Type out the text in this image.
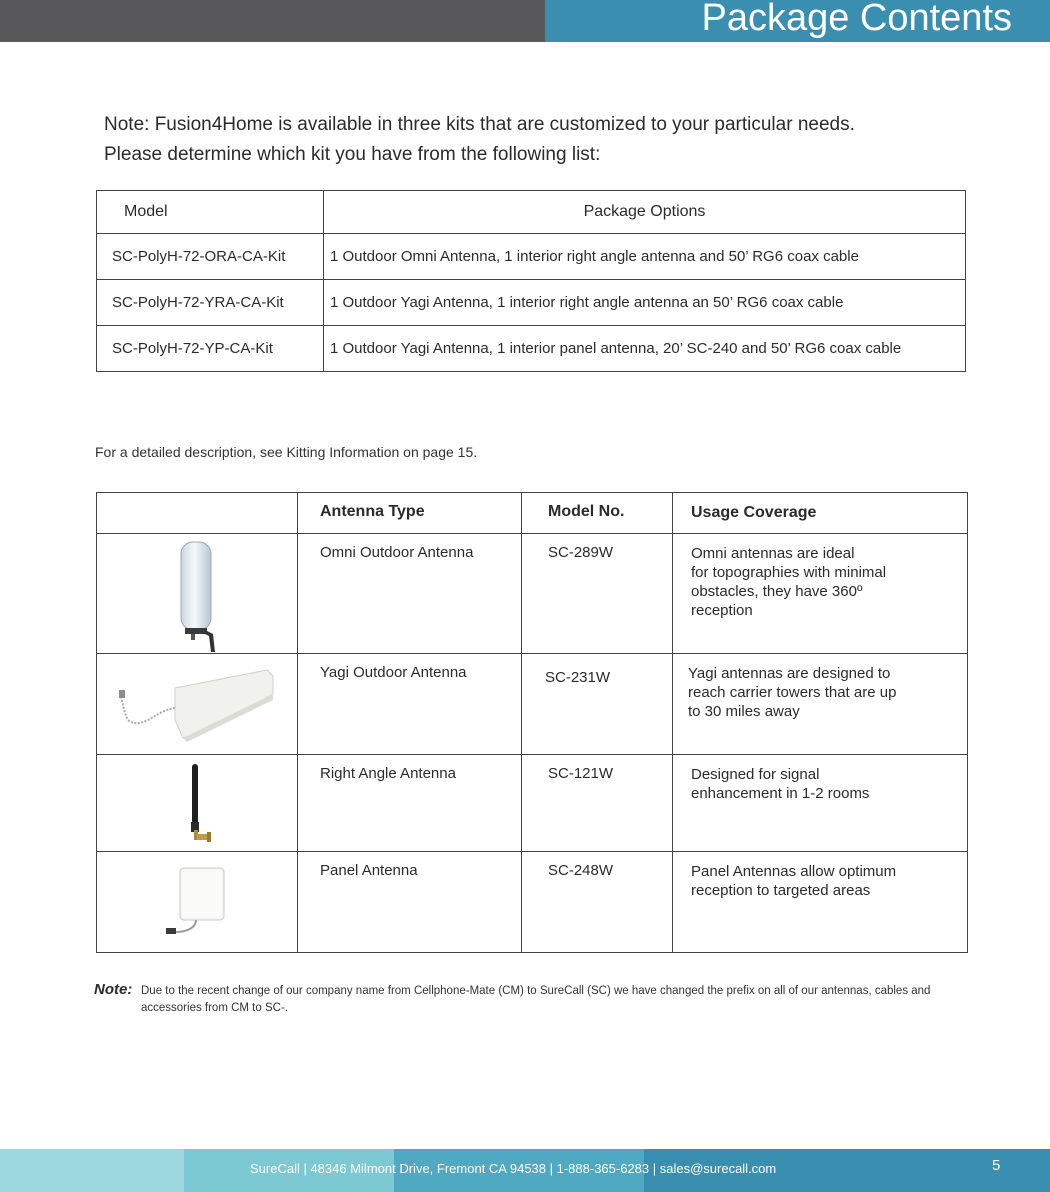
Package Contents
Note: Fusion4Home is available in three kits that are customized to your particular needs.
Please determine which kit you have from the following list:
Model	Package Options
SC-PolyH-72-ORA-CA-Kit	1 Outdoor Omni Antenna, 1 interior right angle antenna and 50’ RG6 coax cable
SC-PolyH-72-YRA-CA-Kit	1 Outdoor Yagi Antenna, 1 interior right angle antenna an 50’ RG6 coax cable
SC-PolyH-72-YP-CA-Kit	1 Outdoor Yagi Antenna, 1 interior panel antenna, 20’ SC-240 and 50’ RG6 coax cable
For a detailed description, see Kitting Information on page 15.
Antenna Type	Model No.	Usage Coverage
Omni Outdoor Antenna	SC-289W	Omni antennas are ideal
for topographies with minimal
obstacles, they have 360º
reception
Yagi Outdoor Antenna	SC-231W	Yagi antennas are designed to
reach carrier towers that are up
to 30 miles away
Right Angle Antenna	SC-121W	Designed for signal
enhancement in 1-2 rooms
Panel Antenna	SC-248W	Panel Antennas allow optimum
reception to targeted areas
Note: Due to the recent change of our company name from Cellphone-Mate (CM) to SureCall (SC) we have changed the prefix on all of our antennas, cables and accessories from CM to SC-.
SureCall | 48346 Milmont Drive, Fremont CA 94538 | 1-888-365-6283 | sales@surecall.com	5
